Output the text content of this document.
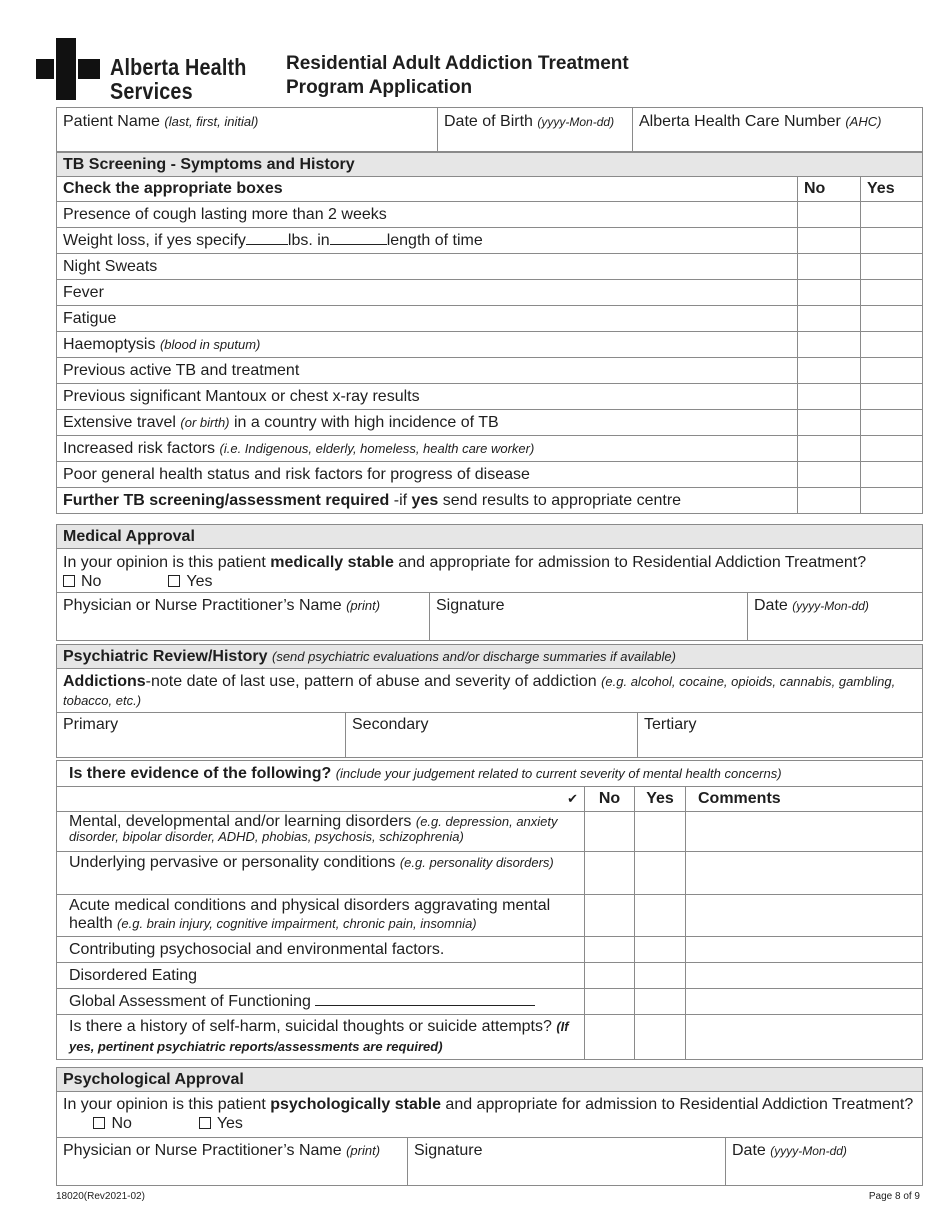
Alberta Health
Services
Residential Adult Addiction Treatment
Program Application
Patient Name (last, first, initial)	Date of Birth (yyyy-Mon-dd)	Alberta Health Care Number (AHC)
TB Screening - Symptoms and History		
Check the appropriate boxes	No	Yes
Presence of cough lasting more than 2 weeks		
Weight loss, if yes specify lbs. in length of time		
Night Sweats		
Fever		
Fatigue		
Haemoptysis (blood in sputum)		
Previous active TB and treatment		
Previous significant Mantoux or chest x-ray results		
Extensive travel (or birth) in a country with high incidence of TB		
Increased risk factors (i.e. Indigenous, elderly, homeless, health care worker)		
Poor general health status and risk factors for progress of disease		
Further TB screening/assessment required -if yes send results to appropriate centre		
Medical Approval
In your opinion is this patient medically stable and appropriate for admission to Residential Addiction Treatment?
No	Yes
Physician or Nurse Practitioner’s Name (print)	Signature	Date (yyyy-Mon-dd)
Psychiatric Review/History (send psychiatric evaluations and/or discharge summaries if available)
Addictions-note date of last use, pattern of abuse and severity of addiction (e.g. alcohol, cocaine, opioids, cannabis, gambling, tobacco, etc.)
Primary	Secondary	Tertiary
Is there evidence of the following? (include your judgement related to current severity of mental health concerns)			
✔	No	Yes	Comments
Mental, developmental and/or learning disorders (e.g. depression, anxiety disorder, bipolar disorder, ADHD, phobias, psychosis, schizophrenia)			
Underlying pervasive or personality conditions (e.g. personality disorders)			
Acute medical conditions and physical disorders aggravating mental health (e.g. brain injury, cognitive impairment, chronic pain, insomnia)			
Contributing psychosocial and environmental factors.			
Disordered Eating			
Global Assessment of Functioning			
Is there a history of self-harm, suicidal thoughts or suicide attempts? (If yes, pertinent psychiatric reports/assessments are required)			
Psychological Approval
In your opinion is this patient psychologically stable and appropriate for admission to Residential Addiction Treatment?  No	Yes
Physician or Nurse Practitioner’s Name (print)	Signature	Date (yyyy-Mon-dd)
18020(Rev2021-02)	Page 8 of 9
